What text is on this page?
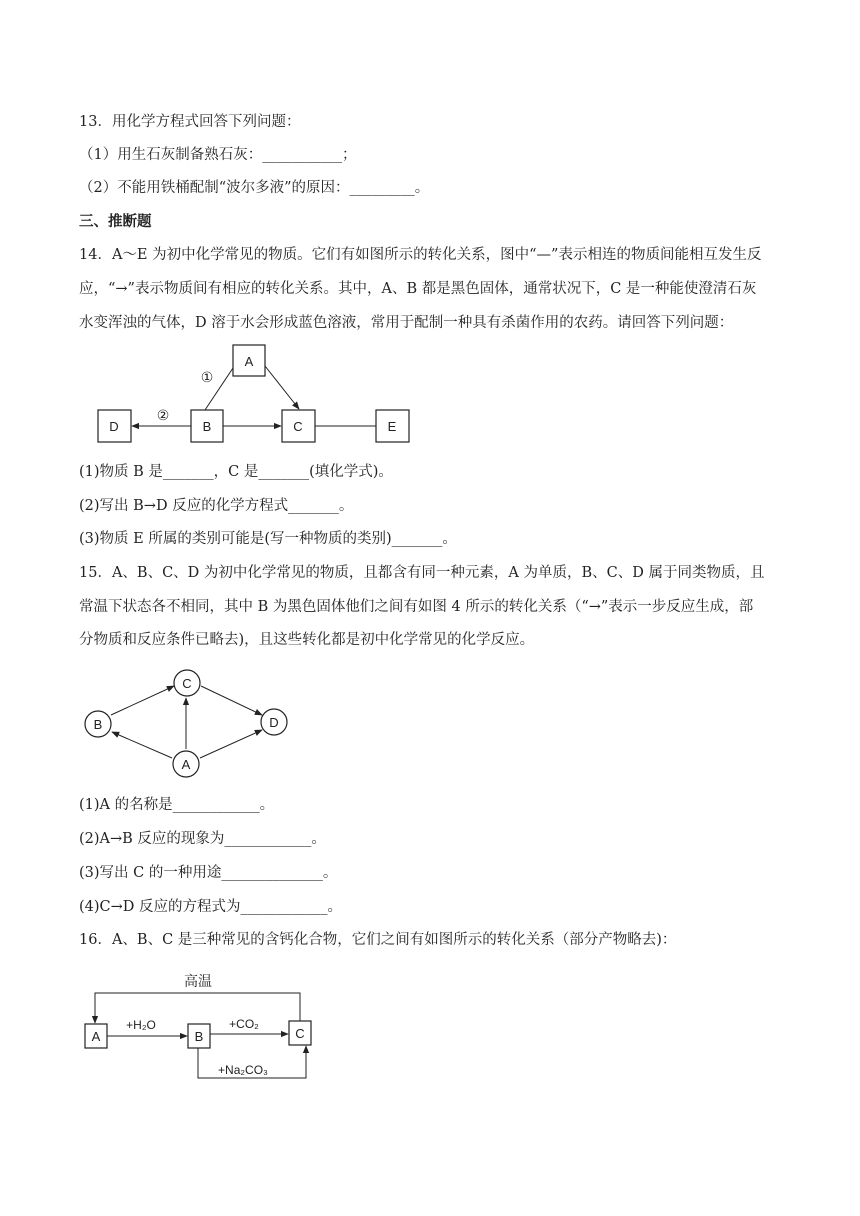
13．用化学方程式回答下列问题：
（1）用生石灰制备熟石灰：___________；
（2）不能用铁桶配制“波尔多液”的原因：_________。
三、推断题
14．A～E 为初中化学常见的物质。它们有如图所示的转化关系，图中“—”表示相连的物质间能相互发生反
应，“→”表示物质间有相应的转化关系。其中，A、B 都是黑色固体，通常状况下，C 是一种能使澄清石灰
水变浑浊的气体，D 溶于水会形成蓝色溶液，常用于配制一种具有杀菌作用的农药。请回答下列问题：
A
D	B	C	E
①
②
(1)物质 B 是_______，C 是_______(填化学式)。
(2)写出 B→D 反应的化学方程式_______。
(3)物质 E 所属的类别可能是(写一种物质的类别)_______。
15．A、B、C、D 为初中化学常见的物质，且都含有同一种元素，A 为单质，B、C、D 属于同类物质，且
常温下状态各不相同，其中 B 为黑色固体他们之间有如图 4 所示的转化关系（“→”表示一步反应生成，部
分物质和反应条件已略去)，且这些转化都是初中化学常见的化学反应。
C
B	D
A
(1)A 的名称是____________。
(2)A→B 反应的现象为____________。
(3)写出 C 的一种用途______________。
(4)C→D 反应的方程式为____________。
16．A、B、C 是三种常见的含钙化合物，它们之间有如图所示的转化关系（部分产物略去)：
高温
+H₂O	+CO₂
+Na₂CO₃
A	B	C
